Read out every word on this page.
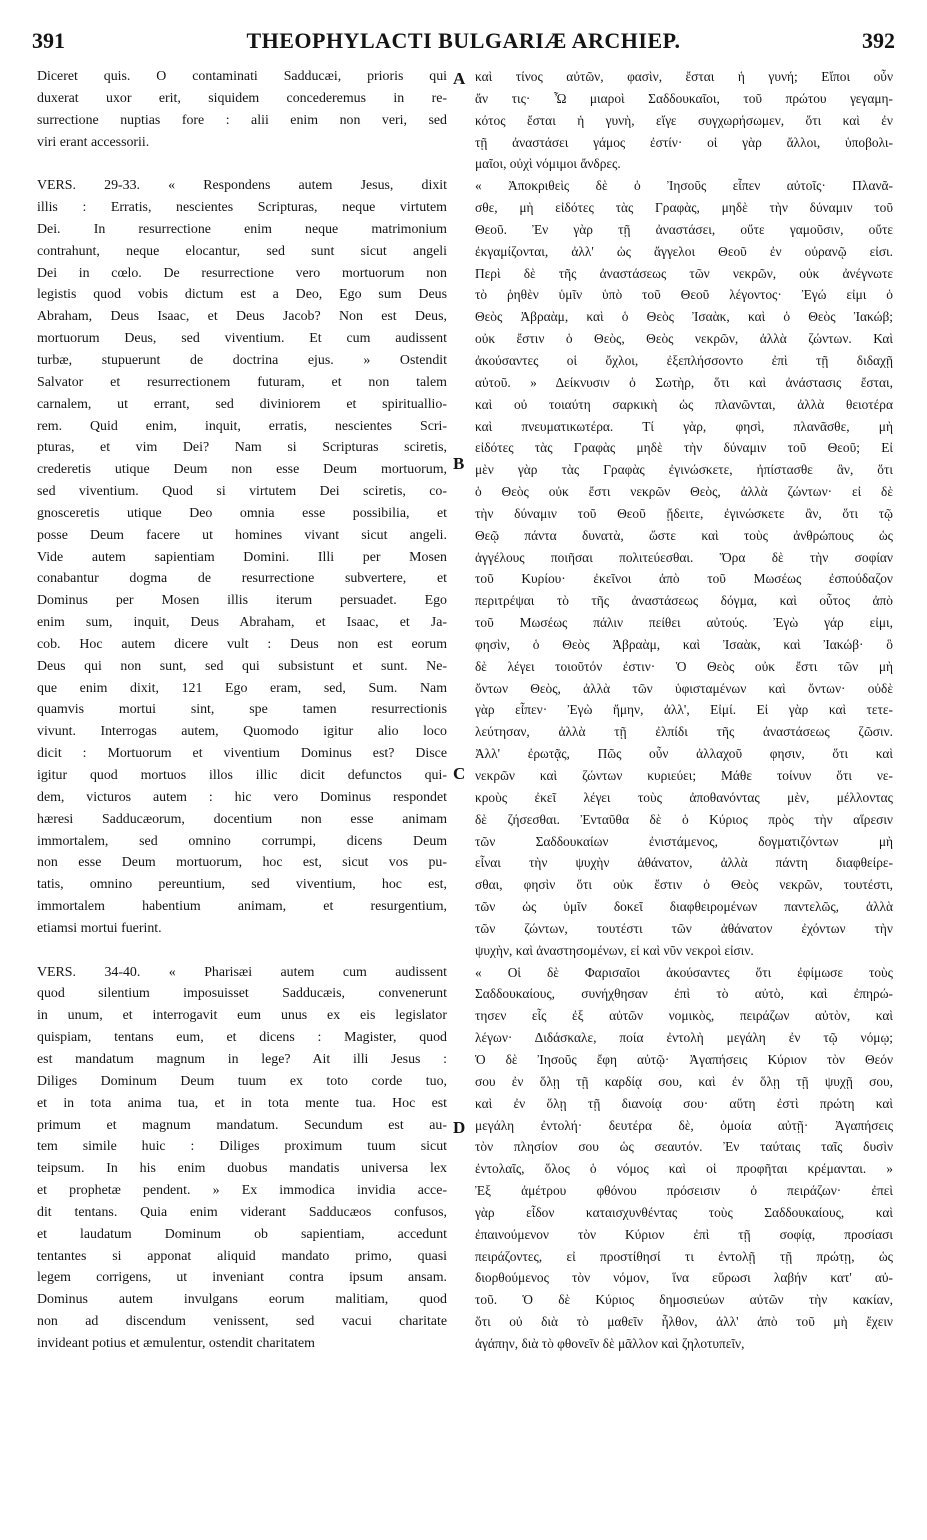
391	THEOPHYLACTI BULGARIÆ ARCHIEP.	392
Diceret quis. O contaminati Sadducæi, prioris qui
duxerat uxor erit, siquidem concederemus in re-
surrectione nuptias fore : alii enim non veri, sed
viri erant accessorii.
VERS. 29-33. « Respondens autem Jesus, dixit
illis : Erratis, nescientes Scripturas, neque virtutem
Dei. In resurrectione enim neque matrimonium
contrahunt, neque elocantur, sed sunt sicut angeli
Dei in cœlo. De resurrectione vero mortuorum non
legistis quod vobis dictum est a Deo, Ego sum Deus
Abraham, Deus Isaac, et Deus Jacob? Non est Deus,
mortuorum Deus, sed viventium. Et cum audissent
turbæ, stupuerunt de doctrina ejus. » Ostendit
Salvator et resurrectionem futuram, et non talem
carnalem, ut errant, sed diviniorem et spirituallio-
rem. Quid enim, inquit, erratis, nescientes Scri-
pturas, et vim Dei? Nam si Scripturas sciretis,
crederetis utique Deum non esse Deum mortuorum,
sed viventium. Quod si virtutem Dei sciretis, co-
gnosceretis utique Deo omnia esse possibilia, et
posse Deum facere ut homines vivant sicut angeli.
Vide autem sapientiam Domini. Illi per Mosen
conabantur dogma de resurrectione subvertere, et
Dominus per Mosen illis iterum persuadet. Ego
enim sum, inquit, Deus Abraham, et Isaac, et Ja-
cob. Hoc autem dicere vult : Deus non est eorum
Deus qui non sunt, sed qui subsistunt et sunt. Ne-
que enim dixit, 121 Ego eram, sed, Sum. Nam
quamvis mortui sint, spe tamen resurrectionis
vivunt. Interrogas autem, Quomodo igitur alio loco
dicit : Mortuorum et viventium Dominus est? Disce
igitur quod mortuos illos illic dicit defunctos qui-
dem, victuros autem : hic vero Dominus respondet
hæresi Sadducæorum, docentium non esse animam
immortalem, sed omnino corrumpi, dicens Deum
non esse Deum mortuorum, hoc est, sicut vos pu-
tatis, omnino pereuntium, sed viventium, hoc est,
immortalem habentium animam, et resurgentium,
etiamsi mortui fuerint.
VERS. 34-40. « Pharisæi autem cum audissent
quod silentium imposuisset Sadducæis, convenerunt
in unum, et interrogavit eum unus ex eis legislator
quispiam, tentans eum, et dicens : Magister, quod
est mandatum magnum in lege? Ait illi Jesus :
Diliges Dominum Deum tuum ex toto corde tuo,
et in tota anima tua, et in tota mente tua. Hoc est
primum et magnum mandatum. Secundum est au-
tem simile huic : Diliges proximum tuum sicut
teipsum. In his enim duobus mandatis universa lex
et prophetæ pendent. » Ex immodica invidia acce-
dit tentans. Quia enim viderant Sadducæos confusos,
et laudatum Dominum ob sapientiam, accedunt
tentantes si apponat aliquid mandato primo, quasi
legem corrigens, ut inveniant contra ipsum ansam.
Dominus autem invulgans eorum malitiam, quod
non ad discendum venissent, sed vacui charitate
invideant potius et æmulentur, ostendit charitatem
καὶ τίνος αὐτῶν, φασὶν, ἔσται ἡ γυνή; Εἴποι οὖν
ἄν τις· Ὦ μιαροὶ Σαδδουκαῖοι, τοῦ πρώτου γεγαμη-
κότος ἔσται ἡ γυνὴ, εἴγε συγχωρήσωμεν, ὅτι καὶ ἐν
τῇ ἀναστάσει γάμος ἐστίν· οἱ γὰρ ἄλλοι, ὑποβολι-
μαῖοι, οὐχὶ νόμιμοι ἄνδρες.
« Ἀποκριθεὶς δὲ ὁ Ἰησοῦς εἶπεν αὐτοῖς· Πλανᾶ-
σθε, μὴ εἰδότες τὰς Γραφὰς, μηδὲ τὴν δύναμιν τοῦ
Θεοῦ. Ἐν γὰρ τῇ ἀναστάσει, οὔτε γαμοῦσιν, οὔτε
ἐκγαμίζονται, ἀλλ' ὡς ἄγγελοι Θεοῦ ἐν οὐρανῷ εἰσι.
Περὶ δὲ τῆς ἀναστάσεως τῶν νεκρῶν, οὐκ ἀνέγνωτε
τὸ ῥηθὲν ὑμῖν ὑπὸ τοῦ Θεοῦ λέγοντος· Ἐγώ εἰμι ὁ
Θεὸς Ἀβραὰμ, καὶ ὁ Θεὸς Ἰσαὰκ, καὶ ὁ Θεὸς Ἰακώβ;
οὐκ ἔστιν ὁ Θεὸς, Θεὸς νεκρῶν, ἀλλὰ ζώντων. Καὶ
ἀκούσαντες οἱ ὄχλοι, ἐξεπλήσσοντο ἐπὶ τῇ διδαχῇ
αὐτοῦ. » Δείκνυσιν ὁ Σωτὴρ, ὅτι καὶ ἀνάστασις ἔσται,
καὶ οὐ τοιαύτη σαρκικὴ ὡς πλανῶνται, ἀλλὰ θειοτέρα
καὶ πνευματικωτέρα. Τί γὰρ, φησὶ, πλανᾶσθε, μὴ
εἰδότες τὰς Γραφὰς μηδὲ τὴν δύναμιν τοῦ Θεοῦ; Εἰ
μὲν γὰρ τὰς Γραφὰς ἐγινώσκετε, ἠπίστασθε ἂν, ὅτι
ὁ Θεὸς οὐκ ἔστι νεκρῶν Θεὸς, ἀλλὰ ζώντων· εἰ δὲ
τὴν δύναμιν τοῦ Θεοῦ ᾔδειτε, ἐγινώσκετε ἂν, ὅτι τῷ
Θεῷ πάντα δυνατὰ, ὥστε καὶ τοὺς ἀνθρώπους ὡς
ἀγγέλους ποιῆσαι πολιτεύεσθαι. Ὅρα δὲ τὴν σοφίαν
τοῦ Κυρίου· ἐκεῖνοι ἀπὸ τοῦ Μωσέως ἐσπούδαζον
περιτρέψαι τὸ τῆς ἀναστάσεως δόγμα, καὶ οὗτος ἀπὸ
τοῦ Μωσέως πάλιν πείθει αὐτούς. Ἐγὼ γάρ εἰμι,
φησὶν, ὁ Θεὸς Ἀβραὰμ, καὶ Ἰσαὰκ, καὶ Ἰακώβ· ὃ
δὲ λέγει τοιοῦτόν ἐστιν· Ὁ Θεὸς οὐκ ἔστι τῶν μὴ
ὄντων Θεὸς, ἀλλὰ τῶν ὑφισταμένων καὶ ὄντων· οὐδὲ
γὰρ εἶπεν· Ἐγὼ ἤμην, ἀλλ', Εἰμί. Εἰ γὰρ καὶ τετε-
λεύτησαν, ἀλλὰ τῇ ἐλπίδι τῆς ἀναστάσεως ζῶσιν.
Ἀλλ' ἐρωτᾷς, Πῶς οὖν ἀλλαχοῦ φησιν, ὅτι καὶ
νεκρῶν καὶ ζώντων κυριεύει; Μάθε τοίνυν ὅτι νε-
κροὺς ἐκεῖ λέγει τοὺς ἀποθανόντας μὲν, μέλλοντας
δὲ ζήσεσθαι. Ἐνταῦθα δὲ ὁ Κύριος πρὸς τὴν αἵρεσιν
τῶν Σαδδουκαίων ἐνιστάμενος, δογματιζόντων μὴ
εἶναι τὴν ψυχὴν ἀθάνατον, ἀλλὰ πάντη διαφθείρε-
σθαι, φησὶν ὅτι οὐκ ἔστιν ὁ Θεὸς νεκρῶν, τουτέστι,
τῶν ὡς ὑμῖν δοκεῖ διαφθειρομένων παντελῶς, ἀλλὰ
τῶν ζώντων, τουτέστι τῶν ἀθάνατον ἐχόντων τὴν
ψυχὴν, καὶ ἀναστησομένων, εἰ καὶ νῦν νεκροὶ εἰσιν.
« Οἱ δὲ Φαρισαῖοι ἀκούσαντες ὅτι ἐφίμωσε τοὺς
Σαδδουκαίους, συνήχθησαν ἐπὶ τὸ αὐτὸ, καὶ ἐπηρώ-
τησεν εἷς ἐξ αὐτῶν νομικὸς, πειράζων αὐτὸν, καὶ
λέγων· Διδάσκαλε, ποία ἐντολὴ μεγάλη ἐν τῷ νόμῳ;
Ὁ δὲ Ἰησοῦς ἔφη αὐτῷ· Ἀγαπήσεις Κύριον τὸν Θεόν
σου ἐν ὅλῃ τῇ καρδίᾳ σου, καὶ ἐν ὅλῃ τῇ ψυχῇ σου,
καὶ ἐν ὅλῃ τῇ διανοίᾳ σου· αὕτη ἐστὶ πρώτη καὶ
μεγάλη ἐντολή· δευτέρα δὲ, ὁμοία αὐτῇ· Ἀγαπήσεις
τὸν πλησίον σου ὡς σεαυτόν. Ἐν ταύταις ταῖς δυσὶν
ἐντολαῖς, ὅλος ὁ νόμος καὶ οἱ προφῆται κρέμανται. »
Ἐξ ἀμέτρου φθόνου πρόσεισιν ὁ πειράζων· ἐπεὶ
γὰρ εἶδον καταισχυνθέντας τοὺς Σαδδουκαίους, καὶ
ἐπαινούμενον τὸν Κύριον ἐπὶ τῇ σοφίᾳ, προσίασι
πειράζοντες, εἰ προστίθησί τι ἐντολῇ τῇ πρώτῃ, ὡς
διορθούμενος τὸν νόμον, ἵνα εὕρωσι λαβήν κατ' αὐ-
τοῦ. Ὁ δὲ Κύριος δημοσιεύων αὐτῶν τὴν κακίαν,
ὅτι οὐ διὰ τὸ μαθεῖν ἦλθον, ἀλλ' ἀπὸ τοῦ μὴ ἔχειν
ἀγάπην, διὰ τὸ φθονεῖν δὲ μᾶλλον καὶ ζηλοτυπεῖν,
A
B
C
D
